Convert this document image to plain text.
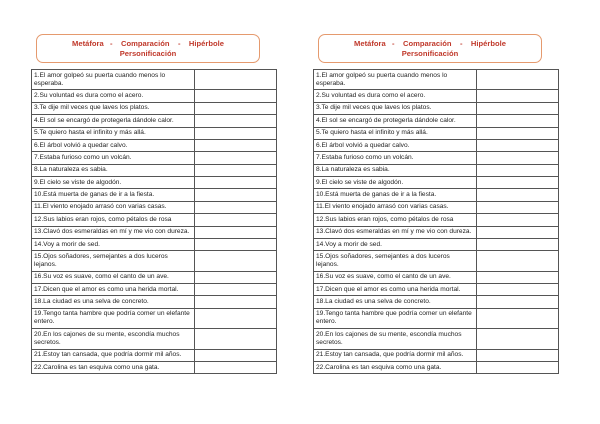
Metáfora   -    Comparación    -    Hipérbole
Personificación
1.El amor golpeó su puerta cuando menos lo esperaba.	
2.Su voluntad es dura como el acero.	
3.Te dije mil veces que laves los platos.	
4.El sol se encargó de protegerla dándole calor.	
5.Te quiero hasta el infinito y más allá.	
6.El árbol volvió a quedar calvo.	
7.Estaba furioso como un volcán.	
8.La naturaleza es sabia.	
9.El cielo se viste de algodón.	
10.Está muerta de ganas de ir a la fiesta.	
11.El viento enojado arrasó con varias casas.	
12.Sus labios eran rojos, como pétalos de rosa	
13.Clavó dos esmeraldas en mí y me vio con dureza.	
14.Voy a morir de sed.	
15.Ojos soñadores, semejantes a dos luceros lejanos.	
16.Su voz es suave, como el canto de un ave.	
17.Dicen que el amor es como una herida mortal.	
18.La ciudad es una selva de concreto.	
19.Tengo tanta hambre que podría comer un elefante entero.	
20.En los cajones de su mente, escondía muchos secretos.	
21.Estoy tan cansada, que podría dormir mil años.	
22.Carolina es tan esquiva como una gata.	
Metáfora   -    Comparación    -    Hipérbole
Personificación
1.El amor golpeó su puerta cuando menos lo esperaba.	
2.Su voluntad es dura como el acero.	
3.Te dije mil veces que laves los platos.	
4.El sol se encargó de protegerla dándole calor.	
5.Te quiero hasta el infinito y más allá.	
6.El árbol volvió a quedar calvo.	
7.Estaba furioso como un volcán.	
8.La naturaleza es sabia.	
9.El cielo se viste de algodón.	
10.Está muerta de ganas de ir a la fiesta.	
11.El viento enojado arrasó con varias casas.	
12.Sus labios eran rojos, como pétalos de rosa	
13.Clavó dos esmeraldas en mí y me vio con dureza.	
14.Voy a morir de sed.	
15.Ojos soñadores, semejantes a dos luceros lejanos.	
16.Su voz es suave, como el canto de un ave.	
17.Dicen que el amor es como una herida mortal.	
18.La ciudad es una selva de concreto.	
19.Tengo tanta hambre que podría comer un elefante entero.	
20.En los cajones de su mente, escondía muchos secretos.	
21.Estoy tan cansada, que podría dormir mil años.	
22.Carolina es tan esquiva como una gata.	
